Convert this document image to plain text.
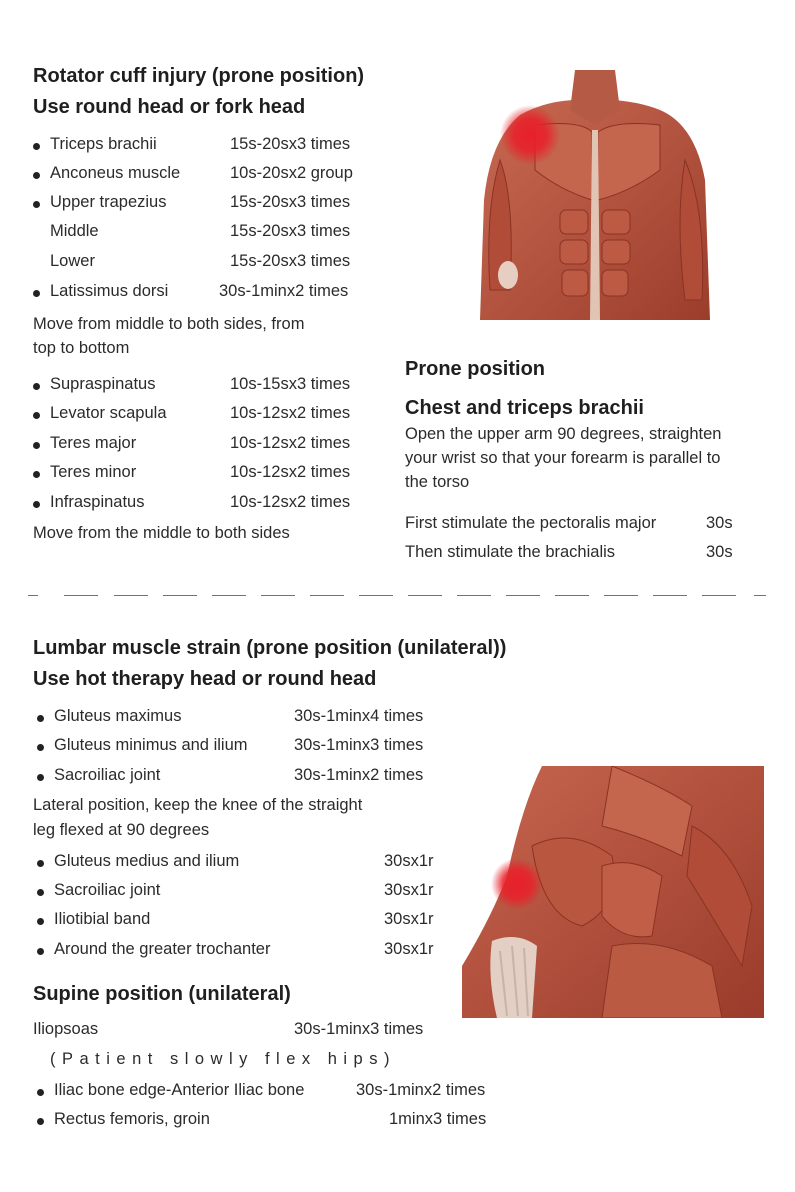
Rotator cuff injury (prone position)
Use round head or fork head
Triceps brachii	15s-20sx3 times
Anconeus muscle	10s-20sx2 group
Upper trapezius	15s-20sx3 times
Middle	15s-20sx3 times
Lower	15s-20sx3 times
Latissimus dorsi	30s-1minx2 times
Move from middle to both sides, from
top to bottom
Supraspinatus	10s-15sx3 times
Levator scapula	10s-12sx2 times
Teres major	10s-12sx2 times
Teres minor	10s-12sx2 times
Infraspinatus	10s-12sx2 times
Move from the middle to both sides
Prone position
Chest and triceps brachii
Open the upper arm 90 degrees, straighten
your wrist so that your forearm is parallel to
the torso
First stimulate the pectoralis major	30s
Then stimulate the brachialis	30s
Lumbar muscle strain (prone position (unilateral))
Use hot therapy head or round head
Gluteus maximus	30s-1minx4 times
Gluteus minimus and ilium	30s-1minx3 times
Sacroiliac joint	30s-1minx2 times
Lateral position, keep the knee of the straight
leg flexed at 90 degrees
Gluteus medius and ilium	30sx1r
Sacroiliac joint	30sx1r
Iliotibial band	30sx1r
Around the greater trochanter	30sx1r
Supine position (unilateral)
Iliopsoas	30s-1minx3 times
(Patient slowly flex hips)
Iliac bone edge-Anterior Iliac bone	30s-1minx2 times
Rectus femoris, groin	1minx3 times
